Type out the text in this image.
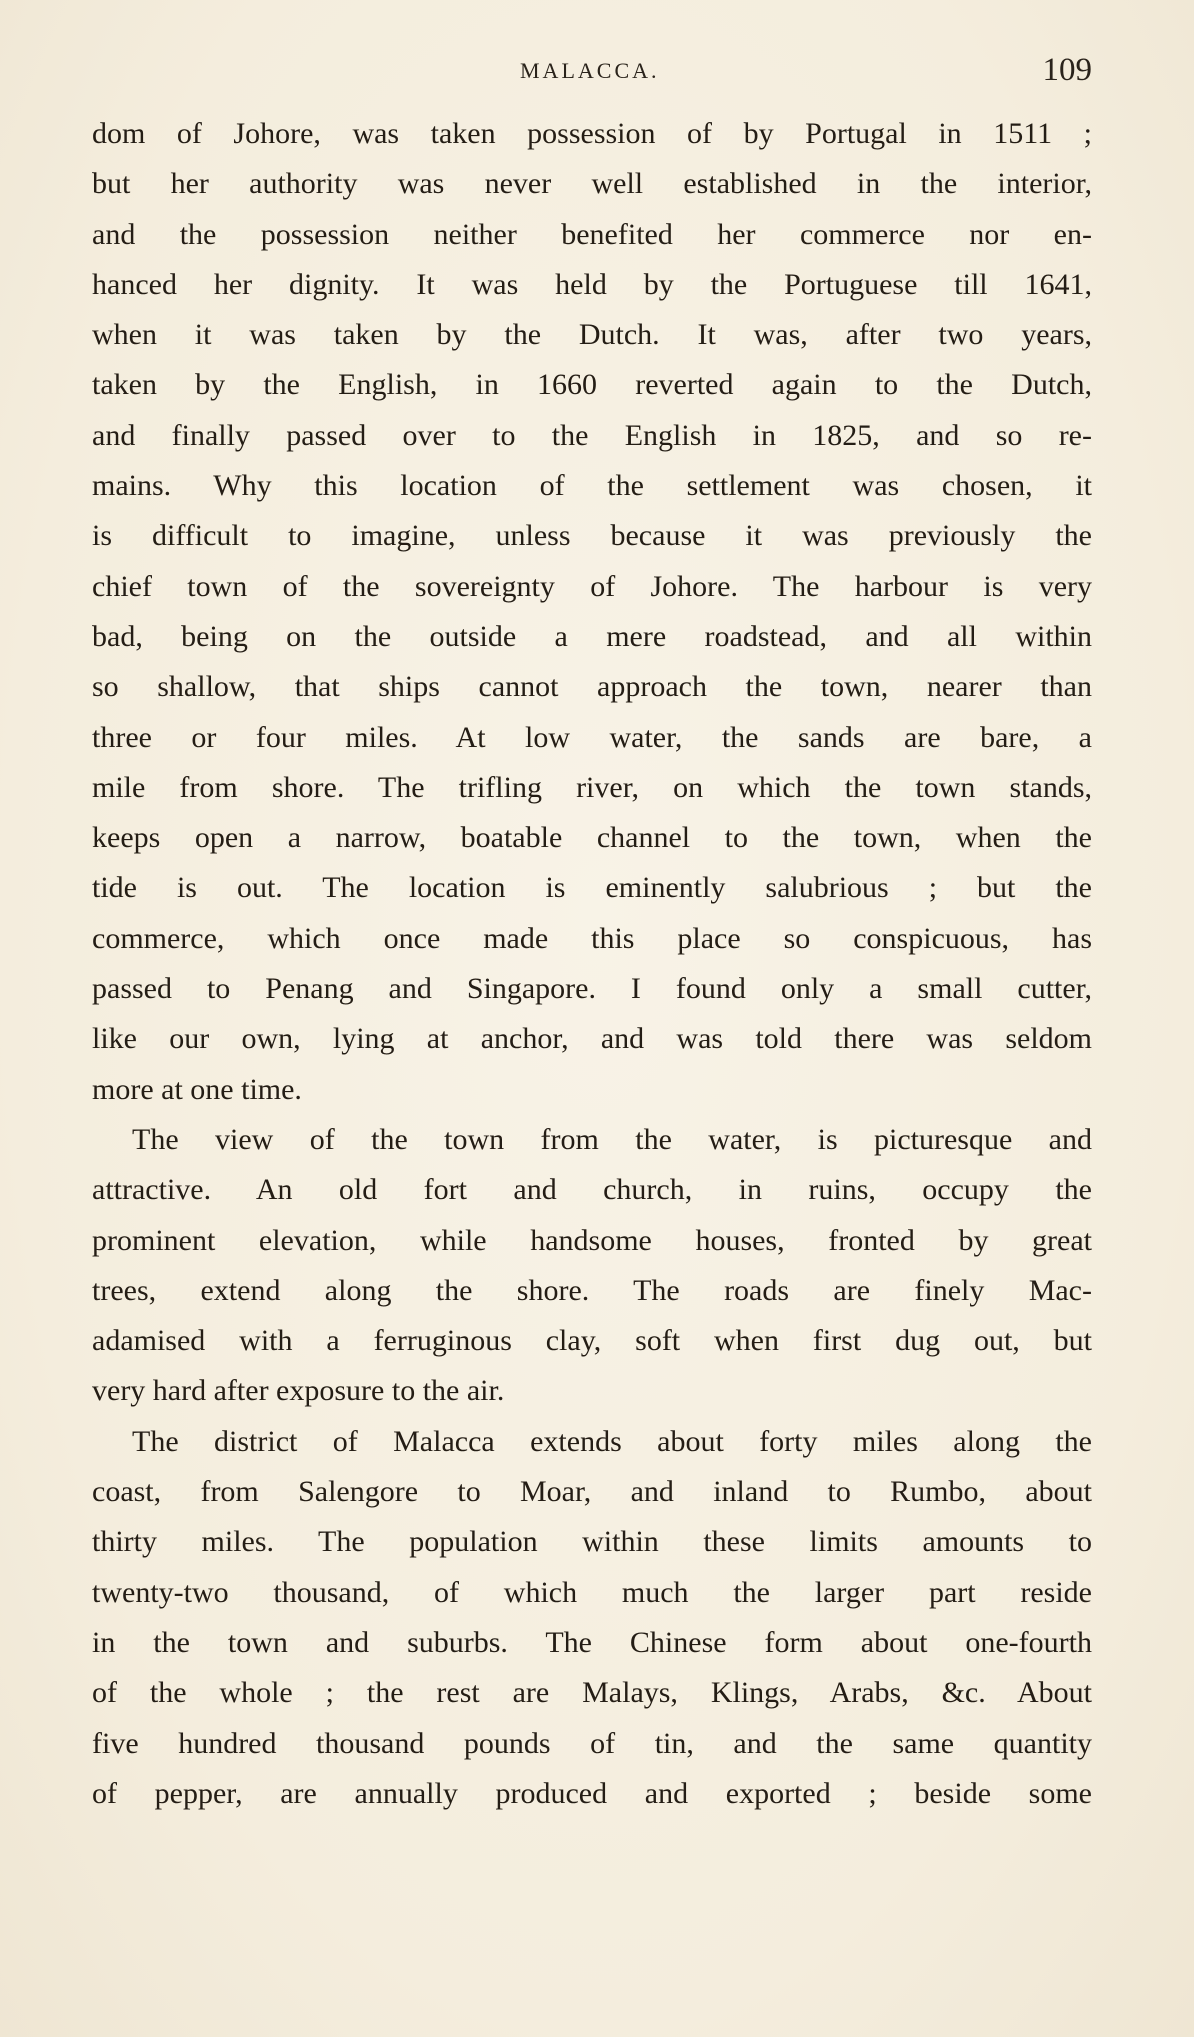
MALACCA.	109
dom of Johore, was taken possession of by Portugal in 1511 ;
but her authority was never well established in the interior,
and the possession neither benefited her commerce nor en-
hanced her dignity. It was held by the Portuguese till 1641,
when it was taken by the Dutch. It was, after two years,
taken by the English, in 1660 reverted again to the Dutch,
and finally passed over to the English in 1825, and so re-
mains. Why this location of the settlement was chosen, it
is difficult to imagine, unless because it was previously the
chief town of the sovereignty of Johore. The harbour is very
bad, being on the outside a mere roadstead, and all within
so shallow, that ships cannot approach the town, nearer than
three or four miles. At low water, the sands are bare, a
mile from shore. The trifling river, on which the town stands,
keeps open a narrow, boatable channel to the town, when the
tide is out. The location is eminently salubrious ; but the
commerce, which once made this place so conspicuous, has
passed to Penang and Singapore. I found only a small cutter,
like our own, lying at anchor, and was told there was seldom
more at one time.
The view of the town from the water, is picturesque and
attractive. An old fort and church, in ruins, occupy the
prominent elevation, while handsome houses, fronted by great
trees, extend along the shore. The roads are finely Mac-
adamised with a ferruginous clay, soft when first dug out, but
very hard after exposure to the air.
The district of Malacca extends about forty miles along the
coast, from Salengore to Moar, and inland to Rumbo, about
thirty miles. The population within these limits amounts to
twenty-two thousand, of which much the larger part reside
in the town and suburbs. The Chinese form about one-fourth
of the whole ; the rest are Malays, Klings, Arabs, &c. About
five hundred thousand pounds of tin, and the same quantity
of pepper, are annually produced and exported ; beside some
